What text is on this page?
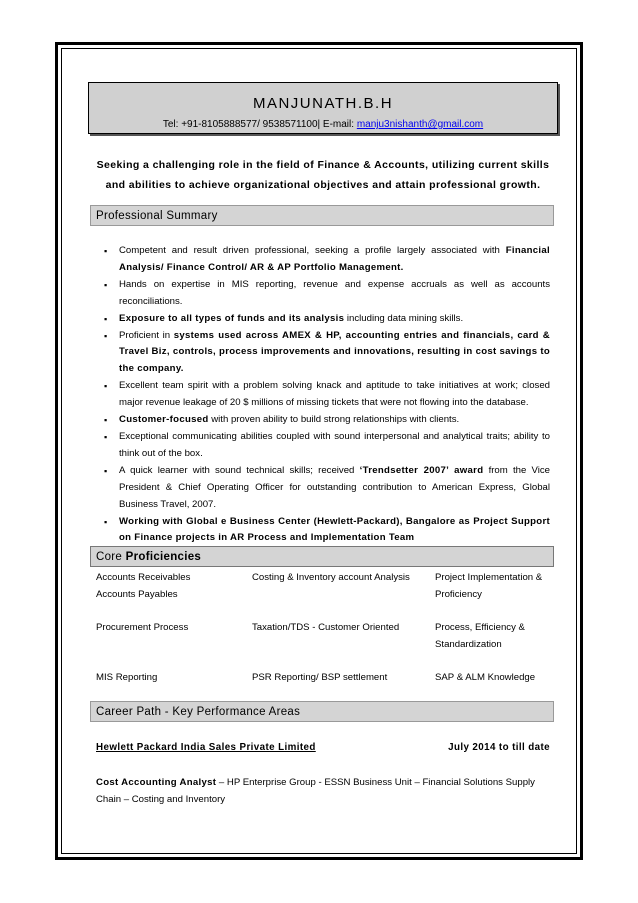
MANJUNATH.B.H
Tel: +91-8105888577/ 9538571100| E-mail: manju3nishanth@gmail.com
Seeking a challenging role in the field of Finance & Accounts, utilizing current skills and abilities to achieve organizational objectives and attain professional growth.
Professional Summary
▪ Competent and result driven professional, seeking a profile largely associated with Financial Analysis/ Finance Control/ AR & AP Portfolio Management.
▪ Hands on expertise in MIS reporting, revenue and expense accruals as well as accounts reconciliations.
▪ Exposure to all types of funds and its analysis including data mining skills.
▪ Proficient in systems used across AMEX & HP, accounting entries and financials, card & Travel Biz, controls, process improvements and innovations, resulting in cost savings to the company.
▪ Excellent team spirit with a problem solving knack and aptitude to take initiatives at work; closed major revenue leakage of 20 $ millions of missing tickets that were not flowing into the database.
▪ Customer-focused with proven ability to build strong relationships with clients.
▪ Exceptional communicating abilities coupled with sound interpersonal and analytical traits; ability to think out of the box.
▪ A quick learner with sound technical skills; received ‘Trendsetter 2007’ award from the Vice President & Chief Operating Officer for outstanding contribution to American Express, Global Business Travel, 2007.
▪ Working with Global e Business Center (Hewlett-Packard), Bangalore as Project Support on Finance projects in AR Process and Implementation Team
Core Proficiencies
Accounts Receivables
Accounts Payables
Procurement Process
MIS Reporting
Costing & Inventory account Analysis
Taxation/TDS - Customer Oriented
PSR Reporting/ BSP settlement
Project Implementation &
Proficiency
Process, Efficiency &
Standardization
SAP & ALM Knowledge
Career Path - Key Performance Areas
Hewlett Packard India Sales Private Limited	July 2014 to till date
Cost Accounting Analyst – HP Enterprise Group - ESSN Business Unit – Financial Solutions Supply Chain – Costing and Inventory
